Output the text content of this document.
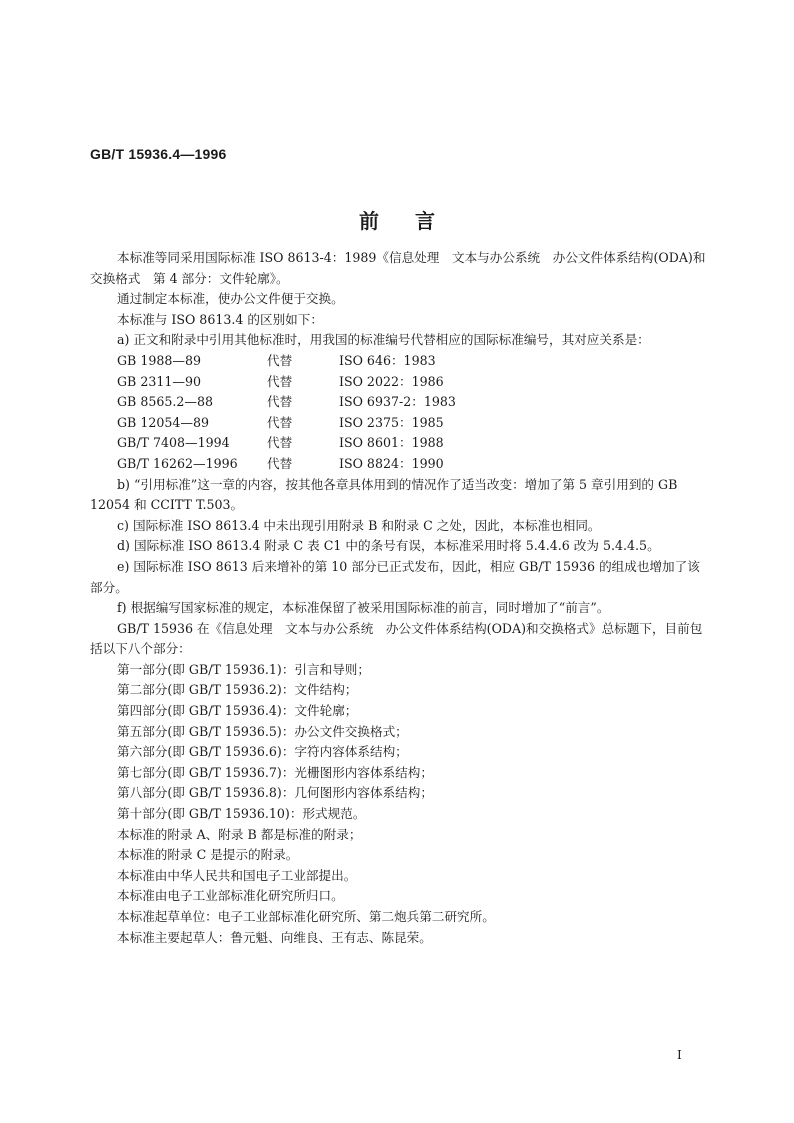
GB/T 15936.4—1996
前言

本标准等同采用国际标准 ISO 8613-4：1989《信息处理　文本与办公系统　办公文件体系结构(ODA)和交换格式　第 4 部分：文件轮廓》。

通过制定本标准，使办公文件便于交换。

本标准与 ISO 8613.4 的区别如下：

a) 正文和附录中引用其他标准时，用我国的标准编号代替相应的国际标准编号，其对应关系是：

GB 1988—89	代替	ISO 646：1983
GB 2311—90	代替	ISO 2022：1986
GB 8565.2—88	代替	ISO 6937-2：1983
GB 12054—89	代替	ISO 2375：1985
GB/T 7408—1994	代替	ISO 8601：1988
GB/T 16262—1996	代替	ISO 8824：1990

b) “引用标准”这一章的内容，按其他各章具体用到的情况作了适当改变：增加了第 5 章引用到的 GB 12054 和 CCITT T.503。

c) 国际标准 ISO 8613.4 中未出现引用附录 B 和附录 C 之处，因此，本标准也相同。

d) 国际标准 ISO 8613.4 附录 C 表 C1 中的条号有误，本标准采用时将 5.4.4.6 改为 5.4.4.5。

e) 国际标准 ISO 8613 后来增补的第 10 部分已正式发布，因此，相应 GB/T 15936 的组成也增加了该部分。

f) 根据编写国家标准的规定，本标准保留了被采用国际标准的前言，同时增加了“前言”。

GB/T 15936 在《信息处理　文本与办公系统　办公文件体系结构(ODA)和交换格式》总标题下，目前包括以下八个部分：

第一部分(即 GB/T 15936.1)：引言和导则；

第二部分(即 GB/T 15936.2)：文件结构；

第四部分(即 GB/T 15936.4)：文件轮廓；

第五部分(即 GB/T 15936.5)：办公文件交换格式；

第六部分(即 GB/T 15936.6)：字符内容体系结构；

第七部分(即 GB/T 15936.7)：光栅图形内容体系结构；

第八部分(即 GB/T 15936.8)：几何图形内容体系结构；

第十部分(即 GB/T 15936.10)：形式规范。

本标准的附录 A、附录 B 都是标准的附录；

本标准的附录 C 是提示的附录。

本标准由中华人民共和国电子工业部提出。

本标准由电子工业部标准化研究所归口。

本标准起草单位：电子工业部标准化研究所、第二炮兵第二研究所。

本标准主要起草人：鲁元魁、向维良、王有志、陈昆荣。

I
